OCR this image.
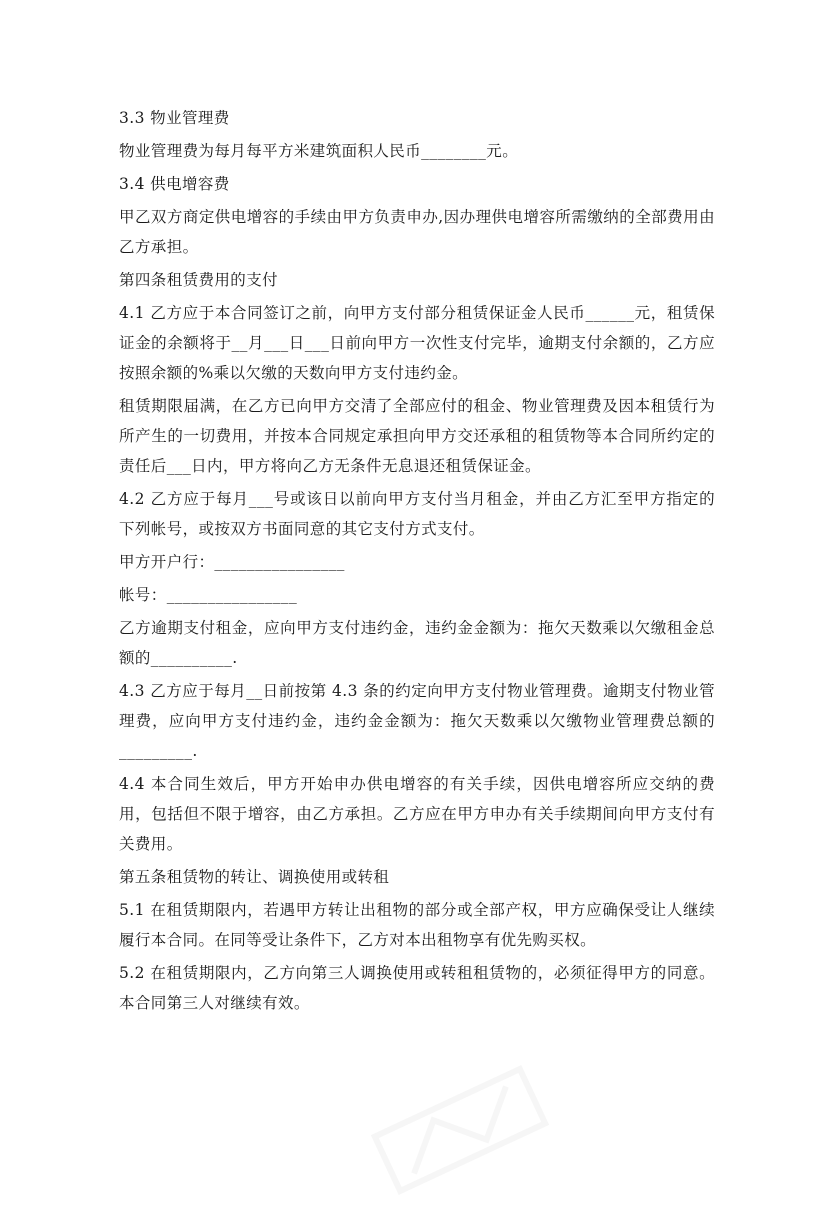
3.3 物业管理费

物业管理费为每月每平方米建筑面积人民币________元。

3.4 供电增容费

甲乙双方商定供电增容的手续由甲方负责申办,因办理供电增容所需缴纳的全部费用由乙方承担。

第四条租赁费用的支付

4.1 乙方应于本合同签订之前，向甲方支付部分租赁保证金人民币______元，租赁保证金的余额将于__月___日___日前向甲方一次性支付完毕，逾期支付余额的，乙方应按照余额的%乘以欠缴的天数向甲方支付违约金。

租赁期限届满，在乙方已向甲方交清了全部应付的租金、物业管理费及因本租赁行为所产生的一切费用，并按本合同规定承担向甲方交还承租的租赁物等本合同所约定的责任后___日内，甲方将向乙方无条件无息退还租赁保证金。

4.2 乙方应于每月___号或该日以前向甲方支付当月租金，并由乙方汇至甲方指定的下列帐号，或按双方书面同意的其它支付方式支付。

甲方开户行：________________

帐号：________________

乙方逾期支付租金，应向甲方支付违约金，违约金金额为：拖欠天数乘以欠缴租金总额的__________.

4.3 乙方应于每月__日前按第 4.3 条的约定向甲方支付物业管理费。逾期支付物业管理费，应向甲方支付违约金，违约金金额为：拖欠天数乘以欠缴物业管理费总额的_________.

4.4 本合同生效后，甲方开始申办供电增容的有关手续，因供电增容所应交纳的费用，包括但不限于增容，由乙方承担。乙方应在甲方申办有关手续期间向甲方支付有关费用。

第五条租赁物的转让、调换使用或转租

5.1 在租赁期限内，若遇甲方转让出租物的部分或全部产权，甲方应确保受让人继续履行本合同。在同等受让条件下，乙方对本出租物享有优先购买权。

5.2 在租赁期限内，乙方向第三人调换使用或转租租赁物的，必须征得甲方的同意。本合同第三人对继续有效。
